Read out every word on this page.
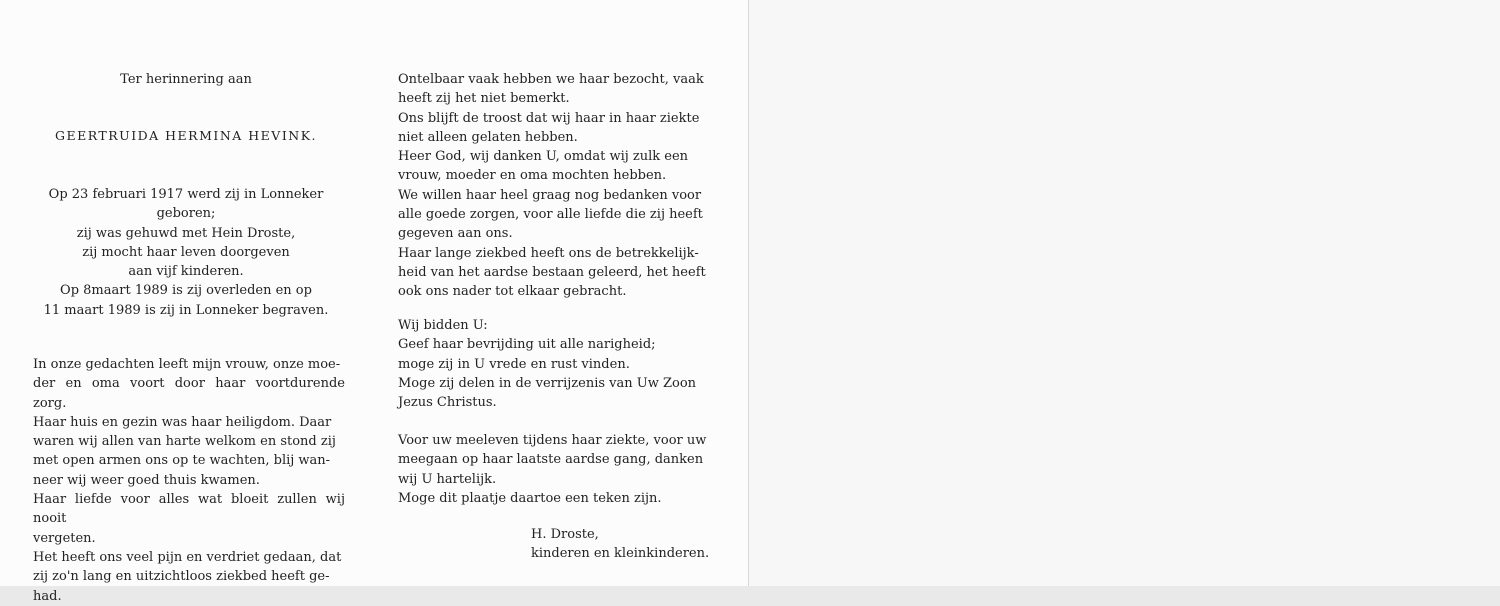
Ter herinnering aan
GEERTRUIDA HERMINA HEVINK.

Op 23 februari 1917 werd zij in Lonneker

geboren;

zij was gehuwd met Hein Droste,

zij mocht haar leven doorgeven

aan vijf kinderen.

Op 8maart 1989 is zij overleden en op

11 maart 1989 is zij in Lonneker begraven.

In onze gedachten leeft mijn vrouw, onze moe-

der en oma voort door haar voortdurende zorg.

Haar huis en gezin was haar heiligdom. Daar

waren wij allen van harte welkom en stond zij

met open armen ons op te wachten, blij wan-

neer wij weer goed thuis kwamen.

Haar liefde voor alles wat bloeit zullen wij nooit

vergeten.

Het heeft ons veel pijn en verdriet gedaan, dat

zij zo'n lang en uitzichtloos ziekbed heeft ge-

had.

Ontelbaar vaak hebben we haar bezocht, vaak

heeft zij het niet bemerkt.

Ons blijft de troost dat wij haar in haar ziekte

niet alleen gelaten hebben.

Heer God, wij danken U, omdat wij zulk een

vrouw, moeder en oma mochten hebben.

We willen haar heel graag nog bedanken voor

alle goede zorgen, voor alle liefde die zij heeft

gegeven aan ons.

Haar lange ziekbed heeft ons de betrekkelijk-

heid van het aardse bestaan geleerd, het heeft

ook ons nader tot elkaar gebracht.

Wij bidden U:

Geef haar bevrijding uit alle narigheid;

moge zij in U vrede en rust vinden.

Moge zij delen in de verrijzenis van Uw Zoon

Jezus Christus.

Voor uw meeleven tijdens haar ziekte, voor uw

meegaan op haar laatste aardse gang, danken

wij U hartelijk.

Moge dit plaatje daartoe een teken zijn.

H. Droste,

kinderen en kleinkinderen.
